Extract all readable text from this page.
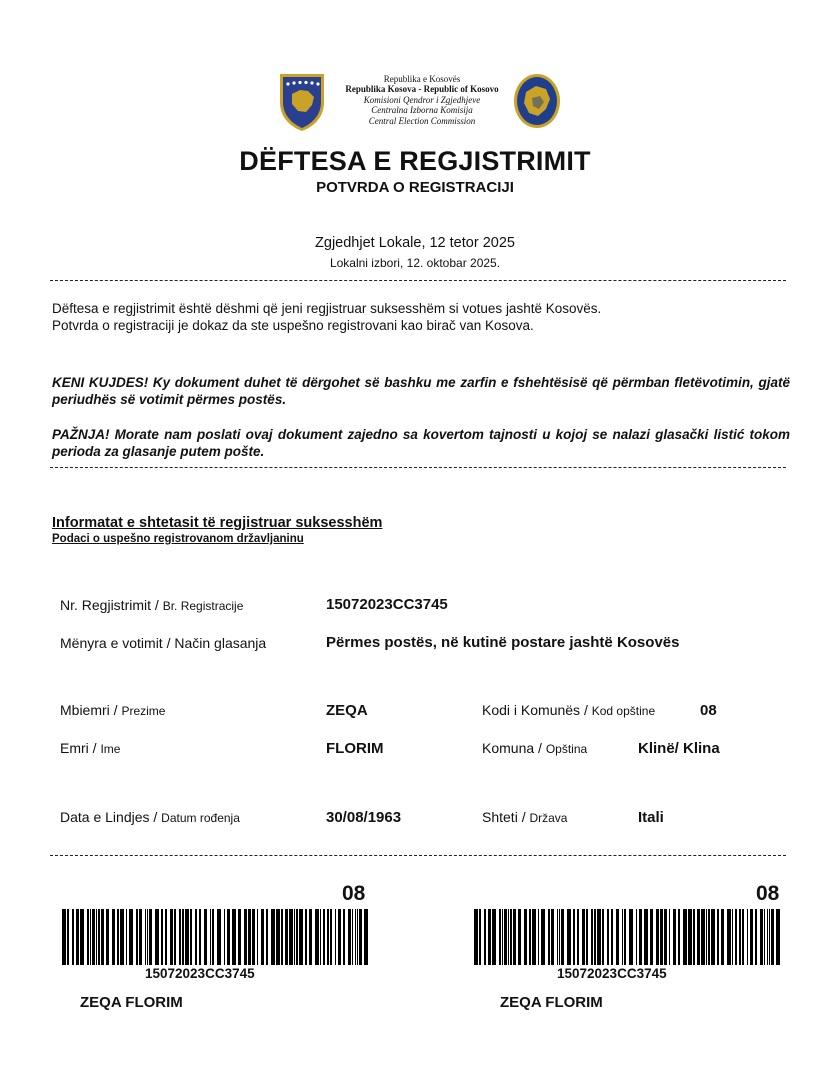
Republika e Kosovës
Republika Kosova - Republic of Kosovo
Komisioni Qendror i Zgjedhjeve
Centralna Izborna Komisija
Central Election Commission
DËFTESA E REGJISTRIMIT
POTVRDA O REGISTRACIJI
Zgjedhjet Lokale, 12 tetor 2025
Lokalni izbori, 12. oktobar 2025.
Dëftesa e regjistrimit është dëshmi që jeni regjistruar suksesshëm si votues jashtë Kosovës.
Potvrda o registraciji je dokaz da ste uspešno registrovani kao birač van Kosova.
KENI KUJDES! Ky dokument duhet të dërgohet së bashku me zarfin e fshehtësisë që përmban fletëvotimin, gjatë periudhës së votimit përmes postës.
PAŽNJA! Morate nam poslati ovaj dokument zajedno sa kovertom tajnosti u kojoj se nalazi glasački listić tokom perioda za glasanje putem pošte.
Informatat e shtetasit të regjistruar suksesshëm
Podaci o uspešno registrovanom državljaninu
Nr. Regjistrimit / Br. Registracije	15072023CC3745
Mënyra e votimit / Način glasanja	Përmes postës, në kutinë postare jashtë Kosovës
Mbiemri / Prezime	ZEQA	Kodi i Komunës / Kod opštine	08
Emri / Ime	FLORIM	Komuna / Opština	Klinë/ Klina
Data e Lindjes / Datum rođenja	30/08/1963	Shteti / Država	Itali
08
15072023CC3745
ZEQA FLORIM
08
15072023CC3745
ZEQA FLORIM
